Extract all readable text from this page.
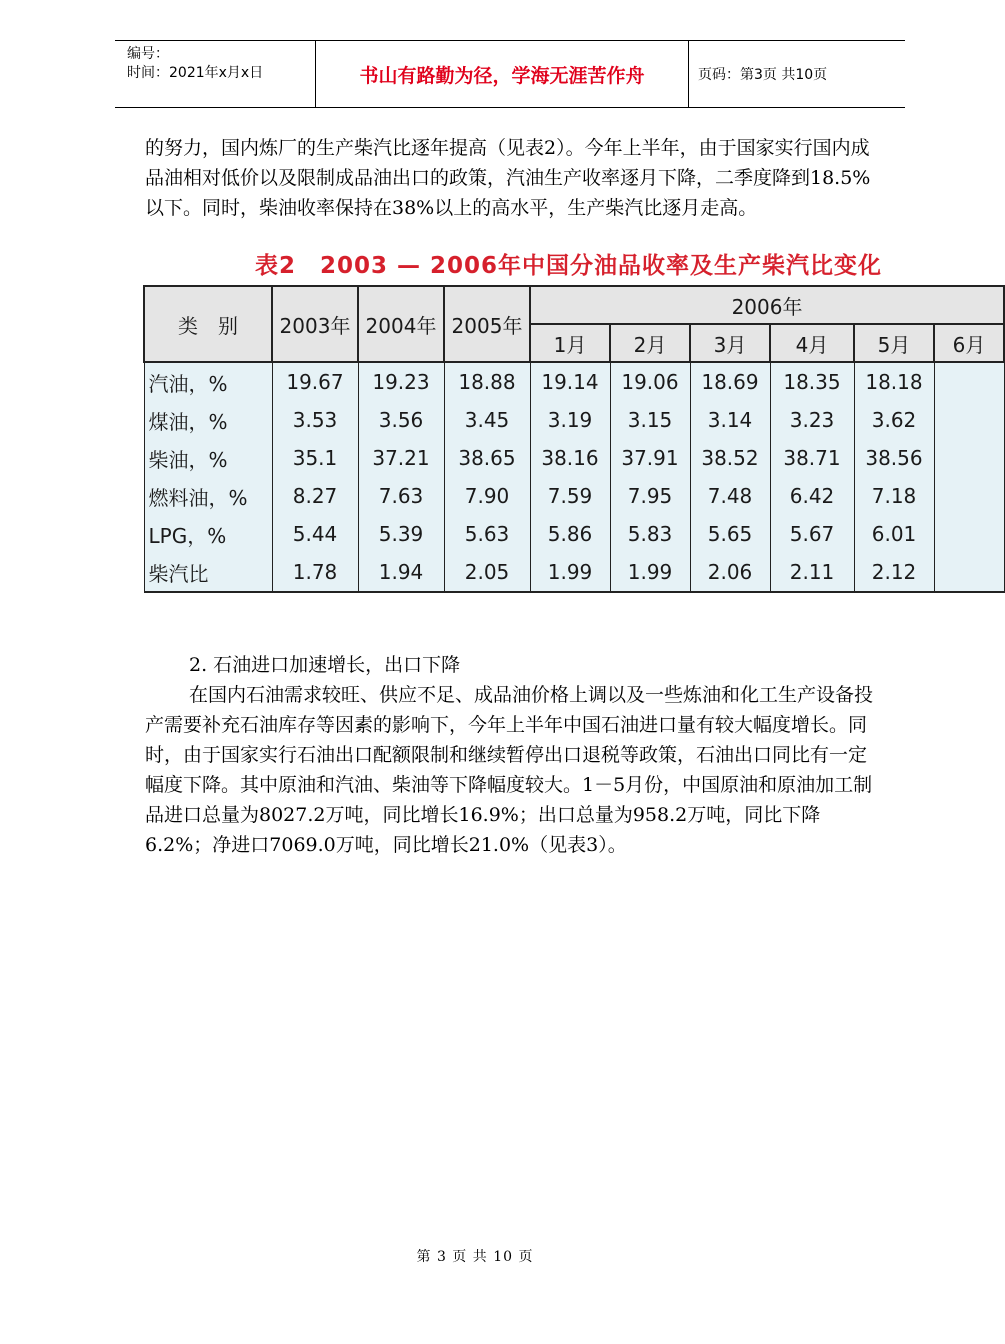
编号：
时间：2021年x月x日	书山有路勤为径，学海无涯苦作舟	页码：第3页 共10页

的努力，国内炼厂的生产柴汽比逐年提高（见表2）。今年上半年，由于国家实行国内成品油相对低价以及限制成品油出口的政策，汽油生产收率逐月下降，二季度降到18.5%以下。同时，柴油收率保持在38%以上的高水平，生产柴汽比逐月走高。

表2　2003 — 2006年中国分油品收率及生产柴汽比变化
类　别	2003年	2004年	2005年	2006年					
				1月	2月	3月	4月	5月	6月
汽油，%	19.67	19.23	18.88	19.14	19.06	18.69	18.35	18.18	
煤油，%	3.53	3.56	3.45	3.19	3.15	3.14	3.23	3.62	
柴油，%	35.1	37.21	38.65	38.16	37.91	38.52	38.71	38.56	
燃料油，%	8.27	7.63	7.90	7.59	7.95	7.48	6.42	7.18	
LPG，%	5.44	5.39	5.63	5.86	5.83	5.65	5.67	6.01	
柴汽比	1.78	1.94	2.05	1.99	1.99	2.06	2.11	2.12	

2. 石油进口加速增长，出口下降

在国内石油需求较旺、供应不足、成品油价格上调以及一些炼油和化工生产设备投产需要补充石油库存等因素的影响下，今年上半年中国石油进口量有较大幅度增长。同时，由于国家实行石油出口配额限制和继续暂停出口退税等政策，石油出口同比有一定幅度下降。其中原油和汽油、柴油等下降幅度较大。1－5月份，中国原油和原油加工制品进口总量为8027.2万吨，同比增长16.9%；出口总量为958.2万吨，同比下降6.2%；净进口7069.0万吨，同比增长21.0%（见表3）。

第 3 页 共 10 页
